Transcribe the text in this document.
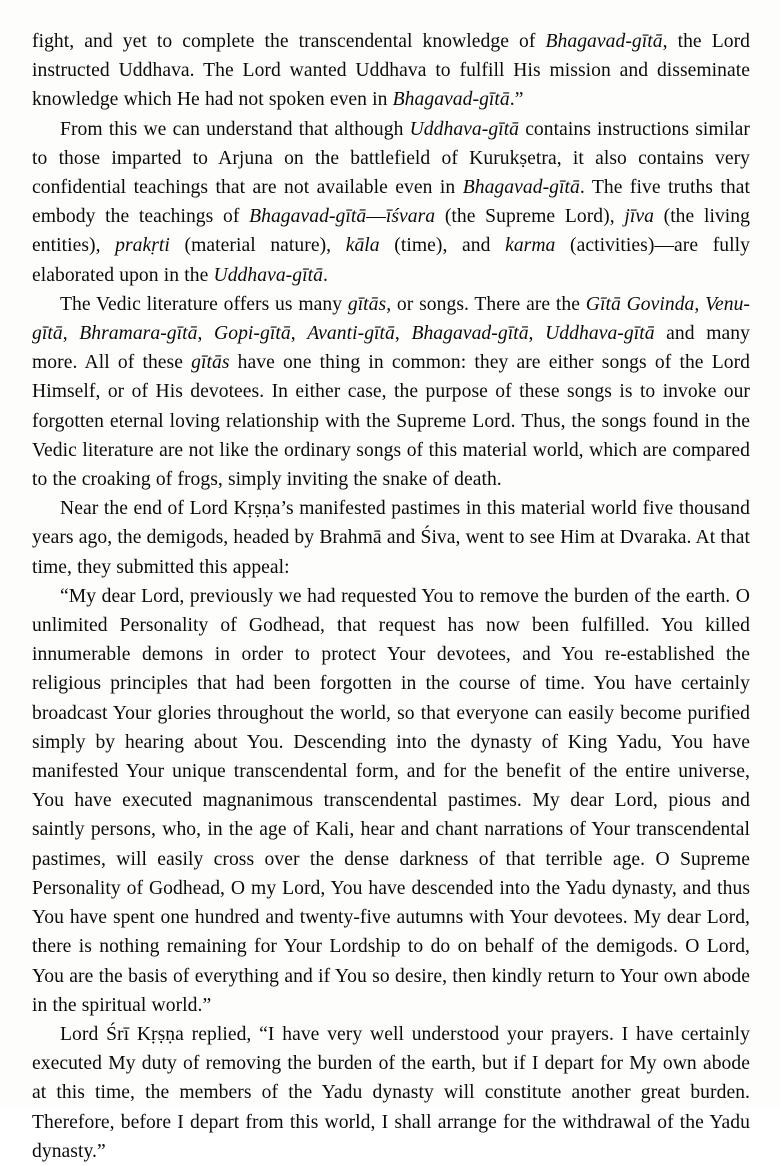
fight, and yet to complete the transcendental knowledge of Bhagavad-gītā, the Lord instructed Uddhava. The Lord wanted Uddhava to fulfill His mission and disseminate knowledge which He had not spoken even in Bhagavad-gītā.”

From this we can understand that although Uddhava-gītā contains instructions similar to those imparted to Arjuna on the battlefield of Kurukṣetra, it also contains very confidential teachings that are not available even in Bhagavad-gītā. The five truths that embody the teachings of Bhagavad-gītā—īśvara (the Supreme Lord), jīva (the living entities), prakṛti (material nature), kāla (time), and karma (activities)—are fully elaborated upon in the Uddhava-gītā.

The Vedic literature offers us many gītās, or songs. There are the Gītā Govinda, Venu-gītā, Bhramara-gītā, Gopi-gītā, Avanti-gītā, Bhagavad-gītā, Uddhava-gītā and many more. All of these gītās have one thing in common: they are either songs of the Lord Himself, or of His devotees. In either case, the purpose of these songs is to invoke our forgotten eternal loving relationship with the Supreme Lord. Thus, the songs found in the Vedic literature are not like the ordinary songs of this material world, which are compared to the croaking of frogs, simply inviting the snake of death.

Near the end of Lord Kṛṣṇa’s manifested pastimes in this material world five thousand years ago, the demigods, headed by Brahmā and Śiva, went to see Him at Dvaraka. At that time, they submitted this appeal:

“My dear Lord, previously we had requested You to remove the burden of the earth. O unlimited Personality of Godhead, that request has now been fulfilled. You killed innumerable demons in order to protect Your devotees, and You re-established the religious principles that had been forgotten in the course of time. You have certainly broadcast Your glories throughout the world, so that everyone can easily become purified simply by hearing about You. Descending into the dynasty of King Yadu, You have manifested Your unique transcendental form, and for the benefit of the entire universe, You have executed magnanimous transcendental pastimes. My dear Lord, pious and saintly persons, who, in the age of Kali, hear and chant narrations of Your transcendental pastimes, will easily cross over the dense darkness of that terrible age. O Supreme Personality of Godhead, O my Lord, You have descended into the Yadu dynasty, and thus You have spent one hundred and twenty-five autumns with Your devotees. My dear Lord, there is nothing remaining for Your Lordship to do on behalf of the demigods. O Lord, You are the basis of everything and if You so desire, then kindly return to Your own abode in the spiritual world.”

Lord Śrī Kṛṣṇa replied, “I have very well understood your prayers. I have certainly executed My duty of removing the burden of the earth, but if I depart for My own abode at this time, the members of the Yadu dynasty will constitute another great burden. Therefore, before I depart from this world, I shall arrange for the withdrawal of the Yadu dynasty.”
